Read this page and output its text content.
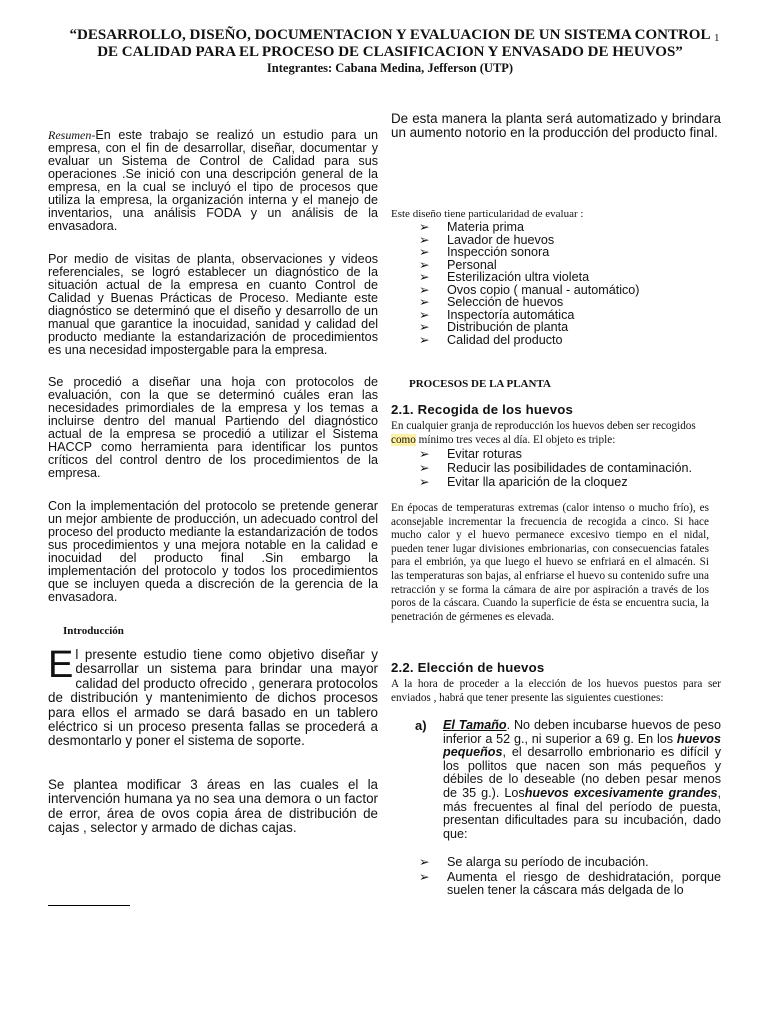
1

“DESARROLLO, DISEÑO, DOCUMENTACION Y EVALUACION DE UN SISTEMA CONTROL DE CALIDAD PARA EL PROCESO DE CLASIFICACION Y ENVASADO DE HEUVOS”

Integrantes: Cabana Medina, Jefferson (UTP)

Resumen-En este trabajo se realizó un estudio para un empresa, con el fin de desarrollar, diseñar, documentar y evaluar un Sistema de Control de Calidad para sus operaciones .Se inició con una descripción general de la empresa, en la cual se incluyó el tipo de procesos que utiliza la empresa, la organización interna y el manejo de inventarios, una análisis FODA y un análisis de la envasadora.

Por medio de visitas de planta, observaciones y videos referenciales, se logró establecer un diagnóstico de la situación actual de la empresa en cuanto Control de Calidad y Buenas Prácticas de Proceso. Mediante este diagnóstico se determinó que el diseño y desarrollo de un manual que garantice la inocuidad, sanidad y calidad del producto mediante la estandarización de procedimientos es una necesidad impostergable para la empresa.

Se procedió a diseñar una hoja con protocolos de evaluación, con la que se determinó cuáles eran las necesidades primordiales de la empresa y los temas a incluirse dentro del manual Partiendo del diagnóstico actual de la empresa se procedió a utilizar el Sistema HACCP como herramienta para identificar los puntos críticos del control dentro de los procedimientos de la empresa.

Con la implementación del protocolo se pretende generar un mejor ambiente de producción, un adecuado control del proceso del producto mediante la estandarización de todos sus procedimientos y una mejora notable en la calidad e inocuidad del producto final .Sin embargo la implementación del protocolo y todos los procedimientos que se incluyen queda a discreción de la gerencia de la envasadora.

Introducción

El presente estudio tiene como objetivo diseñar y desarrollar un sistema para brindar una mayor calidad del producto ofrecido , generara protocolos de distribución y mantenimiento de dichos procesos para ellos el armado se dará basado en un tablero eléctrico si un proceso presenta fallas se procederá a desmontarlo y poner el sistema de soporte.

Se plantea modificar 3 áreas en las cuales el la intervención humana ya no sea una demora o un factor de error, área de ovos copia área de distribución de cajas , selector y armado de dichas cajas.

De esta manera la planta será automatizado y brindara un aumento notorio en la producción del producto final.

Este diseño tiene particularidad de evaluar :

➢ Materia prima
➢ Lavador de huevos
➢ Inspección sonora
➢ Personal
➢ Esterilización ultra violeta
➢ Ovos copio ( manual - automático)
➢ Selección de huevos
➢ Inspectoría automática
➢ Distribución de planta
➢ Calidad del producto
PROCESOS DE LA PLANTA
2.1. Recogida de los huevos

En cualquier granja de reproducción los huevos deben ser recogidos como mínimo tres veces al día. El objeto es triple:

➢ Evitar roturas
➢ Reducir las posibilidades de contaminación.
➢ Evitar lla aparición de la cloquez

En épocas de temperaturas extremas (calor intenso o mucho frío), es aconsejable incrementar la frecuencia de recogida a cinco. Si hace mucho calor y el huevo permanece excesivo tiempo en el nidal, pueden tener lugar divisiones embrionarias, con consecuencias fatales para el embrión, ya que luego el huevo se enfriará en el almacén. Si las temperaturas son bajas, al enfriarse el huevo su contenido sufre una retracción y se forma la cámara de aire por aspiración a través de los poros de la cáscara. Cuando la superficie de ésta se encuentra sucia, la penetración de gérmenes es elevada.

2.2. Elección de huevos

A la hora de proceder a la elección de los huevos puestos para ser enviados , habrá que tener presente las siguientes cuestiones:

a) El Tamaño. No deben incubarse huevos de peso inferior a 52 g., ni superior a 69 g. En los huevos pequeños, el desarrollo embrionario es difícil y los pollitos que nacen son más pequeños y débiles de lo deseable (no deben pesar menos de 35 g.). Loshuevos excesivamente grandes, más frecuentes al final del período de puesta, presentan dificultades para su incubación, dado que:

➢ Se alarga su período de incubación.
➢ Aumenta el riesgo de deshidratación, porque suelen tener la cáscara más delgada de lo
